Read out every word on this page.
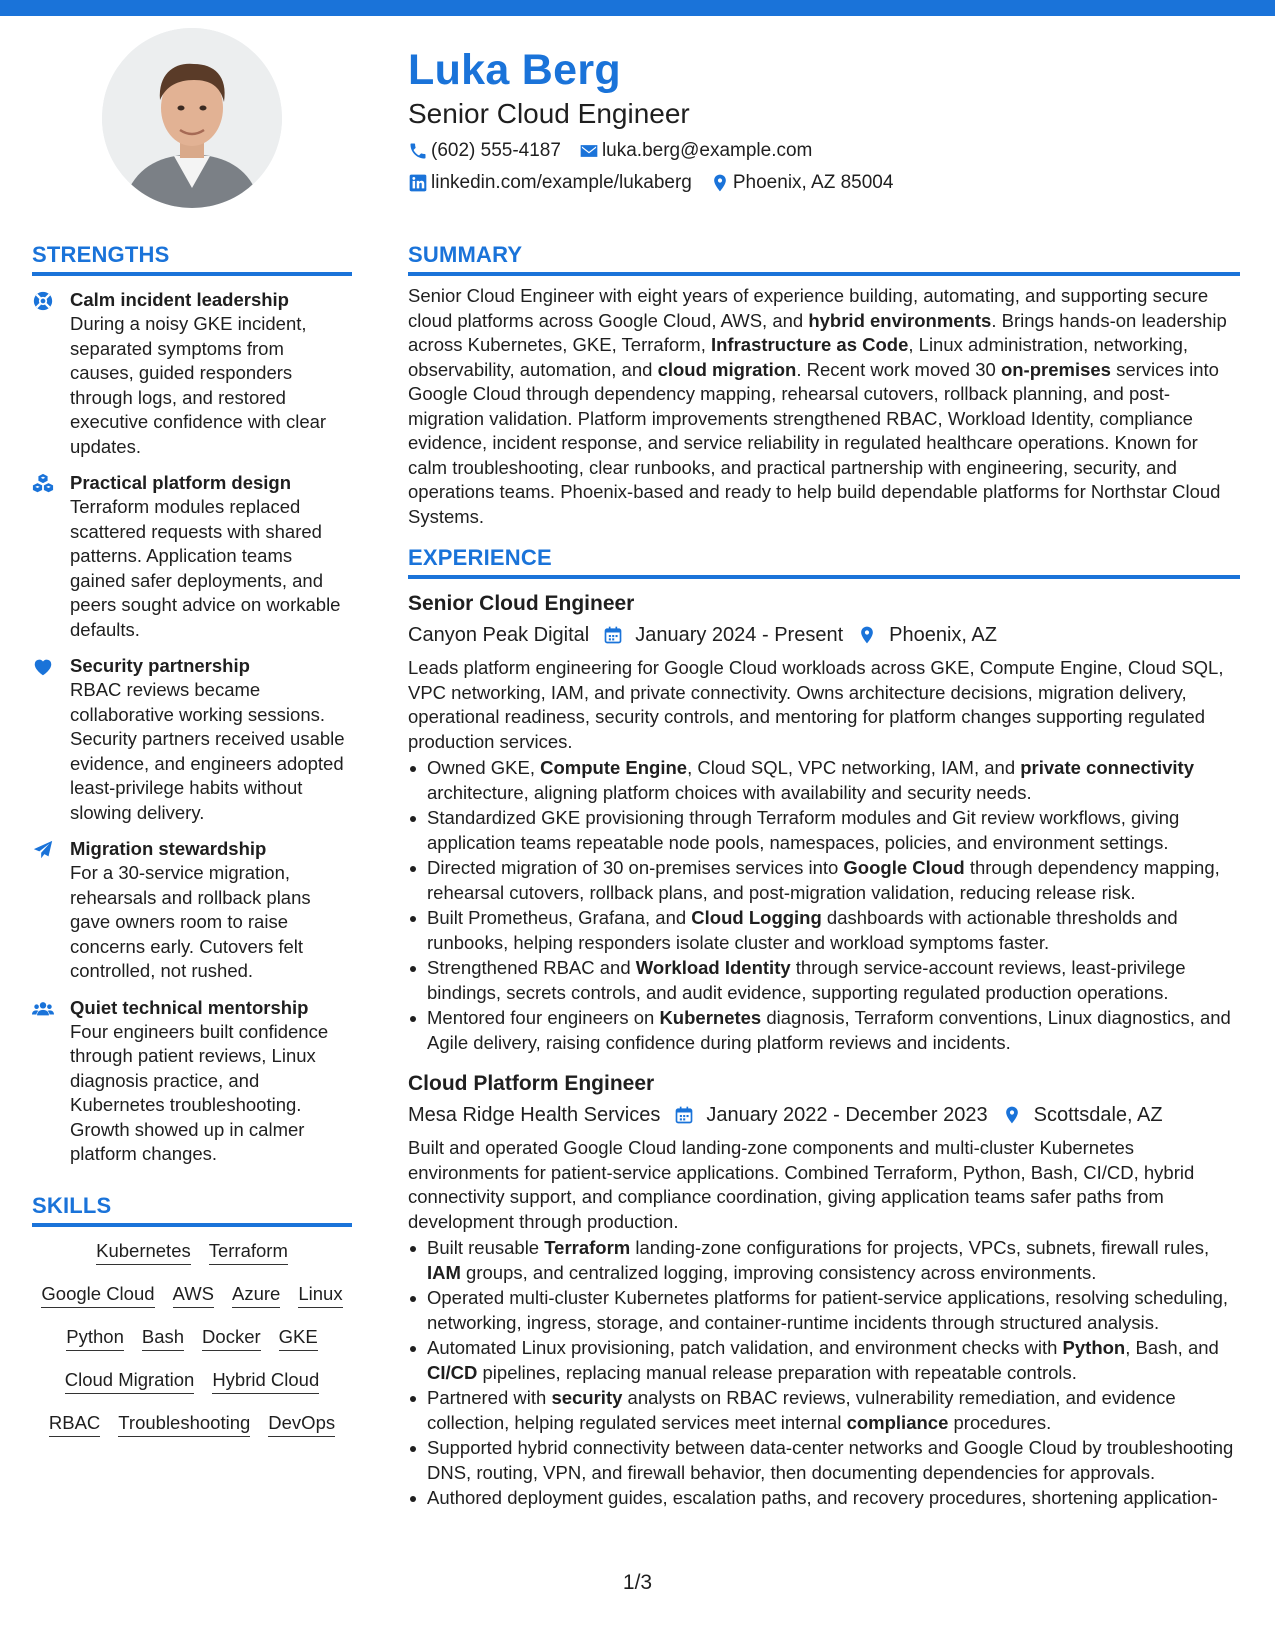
Luka Berg
Senior Cloud Engineer
(602) 555-4187 luka.berg@example.com
linkedin.com/example/lukaberg Phoenix, AZ 85004
STRENGTHS
Calm incident leadership
During a noisy GKE incident, separated symptoms from causes, guided responders through logs, and restored executive confidence with clear updates.
Practical platform design
Terraform modules replaced scattered requests with shared patterns. Application teams gained safer deployments, and peers sought advice on workable defaults.
Security partnership
RBAC reviews became collaborative working sessions. Security partners received usable evidence, and engineers adopted least-privilege habits without slowing delivery.
Migration stewardship
For a 30-service migration, rehearsals and rollback plans gave owners room to raise concerns early. Cutovers felt controlled, not rushed.
Quiet technical mentorship
Four engineers built confidence through patient reviews, Linux diagnosis practice, and Kubernetes troubleshooting. Growth showed up in calmer platform changes.
SKILLS
Kubernetes Terraform
Google Cloud AWS Azure Linux
Python Bash Docker GKE
Cloud Migration Hybrid Cloud
RBAC Troubleshooting DevOps
SUMMARY
Senior Cloud Engineer with eight years of experience building, automating, and supporting secure cloud platforms across Google Cloud, AWS, and hybrid environments. Brings hands-on leadership across Kubernetes, GKE, Terraform, Infrastructure as Code, Linux administration, networking, observability, automation, and cloud migration. Recent work moved 30 on-premises services into Google Cloud through dependency mapping, rehearsal cutovers, rollback planning, and post-migration validation. Platform improvements strengthened RBAC, Workload Identity, compliance evidence, incident response, and service reliability in regulated healthcare operations. Known for calm troubleshooting, clear runbooks, and practical partnership with engineering, security, and operations teams. Phoenix-based and ready to help build dependable platforms for Northstar Cloud Systems.
EXPERIENCE
Senior Cloud Engineer
Canyon Peak Digital January 2024 - Present Phoenix, AZ
Leads platform engineering for Google Cloud workloads across GKE, Compute Engine, Cloud SQL, VPC networking, IAM, and private connectivity. Owns architecture decisions, migration delivery, operational readiness, security controls, and mentoring for platform changes supporting regulated production services.
Owned GKE, Compute Engine, Cloud SQL, VPC networking, IAM, and private connectivity architecture, aligning platform choices with availability and security needs.
Standardized GKE provisioning through Terraform modules and Git review workflows, giving application teams repeatable node pools, namespaces, policies, and environment settings.
Directed migration of 30 on-premises services into Google Cloud through dependency mapping, rehearsal cutovers, rollback plans, and post-migration validation, reducing release risk.
Built Prometheus, Grafana, and Cloud Logging dashboards with actionable thresholds and runbooks, helping responders isolate cluster and workload symptoms faster.
Strengthened RBAC and Workload Identity through service-account reviews, least-privilege bindings, secrets controls, and audit evidence, supporting regulated production operations.
Mentored four engineers on Kubernetes diagnosis, Terraform conventions, Linux diagnostics, and Agile delivery, raising confidence during platform reviews and incidents.
Cloud Platform Engineer
Mesa Ridge Health Services January 2022 - December 2023 Scottsdale, AZ
Built and operated Google Cloud landing-zone components and multi-cluster Kubernetes environments for patient-service applications. Combined Terraform, Python, Bash, CI/CD, hybrid connectivity support, and compliance coordination, giving application teams safer paths from development through production.
Built reusable Terraform landing-zone configurations for projects, VPCs, subnets, firewall rules, IAM groups, and centralized logging, improving consistency across environments.
Operated multi-cluster Kubernetes platforms for patient-service applications, resolving scheduling, networking, ingress, storage, and container-runtime incidents through structured analysis.
Automated Linux provisioning, patch validation, and environment checks with Python, Bash, and CI/CD pipelines, replacing manual release preparation with repeatable controls.
Partnered with security analysts on RBAC reviews, vulnerability remediation, and evidence collection, helping regulated services meet internal compliance procedures.
Supported hybrid connectivity between data-center networks and Google Cloud by troubleshooting DNS, routing, VPN, and firewall behavior, then documenting dependencies for approvals.
Authored deployment guides, escalation paths, and recovery procedures, shortening application-
1/3
